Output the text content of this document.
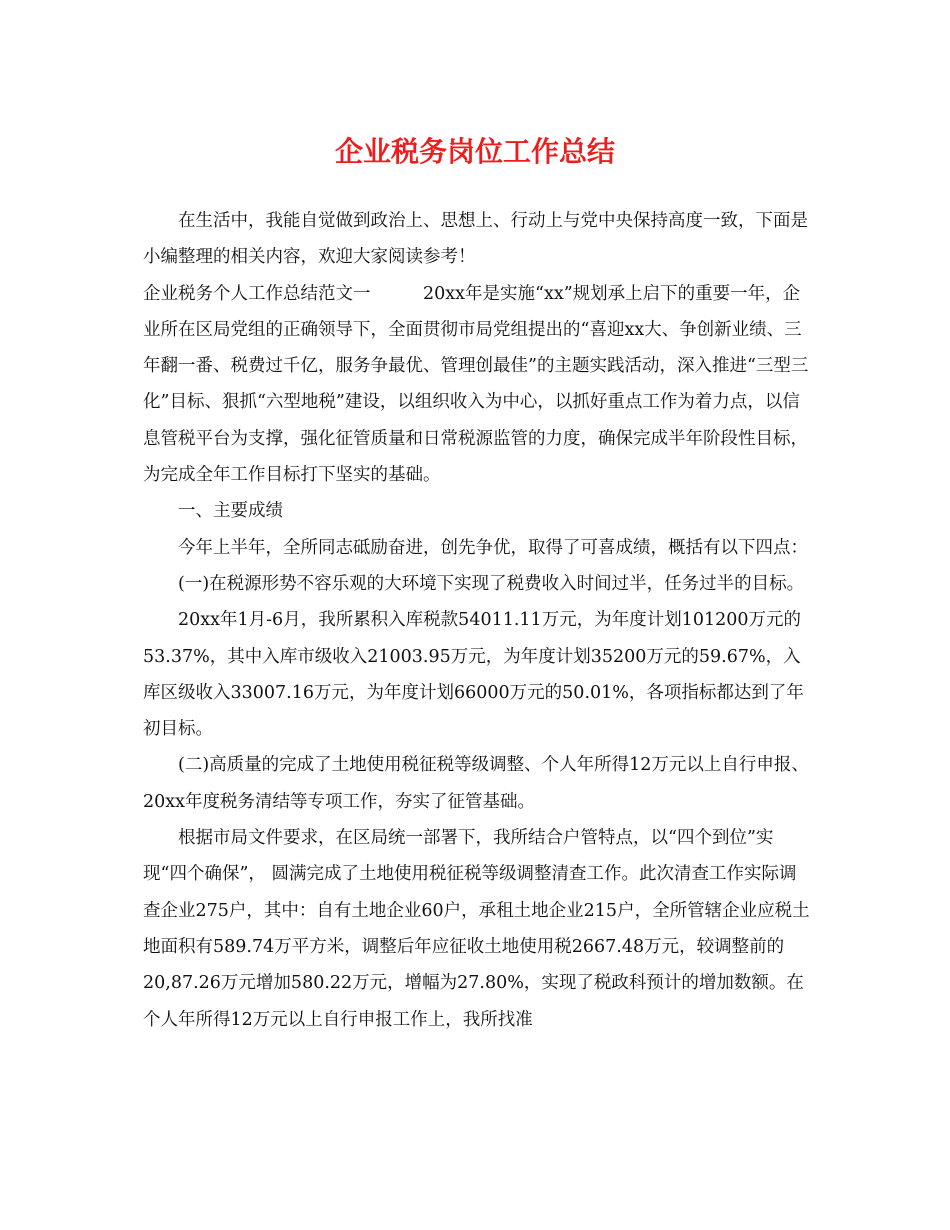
企业税务岗位工作总结

在生活中，我能自觉做到政治上、思想上、行动上与党中央保持高度一致，下面是小编整理的相关内容，欢迎大家阅读参考！

企业税务个人工作总结范文一　　　20xx年是实施“xx”规划承上启下的重要一年，企业所在区局党组的正确领导下，全面贯彻市局党组提出的“喜迎xx大、争创新业绩、三年翻一番、税费过千亿，服务争最优、管理创最佳”的主题实践活动，深入推进“三型三化”目标、狠抓“六型地税”建设，以组织收入为中心，以抓好重点工作为着力点，以信息管税平台为支撑，强化征管质量和日常税源监管的力度，确保完成半年阶段性目标，为完成全年工作目标打下坚实的基础。

一、主要成绩

今年上半年，全所同志砥励奋进，创先争优，取得了可喜成绩，概括有以下四点：

(一)在税源形势不容乐观的大环境下实现了税费收入时间过半，任务过半的目标。

20xx年1月-6月，我所累积入库税款54011.11万元，为年度计划101200万元的53.37%，其中入库市级收入21003.95万元，为年度计划35200万元的59.67%，入库区级收入33007.16万元，为年度计划66000万元的50.01%，各项指标都达到了年初目标。

(二)高质量的完成了土地使用税征税等级调整、个人年所得12万元以上自行申报、20xx年度税务清结等专项工作，夯实了征管基础。

根据市局文件要求，在区局统一部署下，我所结合户管特点，以“四个到位”实现“四个确保”， 圆满完成了土地使用税征税等级调整清查工作。此次清查工作实际调查企业275户，其中：自有土地企业60户，承租土地企业215户，全所管辖企业应税土地面积有589.74万平方米，调整后年应征收土地使用税2667.48万元，较调整前的20,87.26万元增加580.22万元，增幅为27.80%，实现了税政科预计的增加数额。在个人年所得12万元以上自行申报工作上，我所找准
